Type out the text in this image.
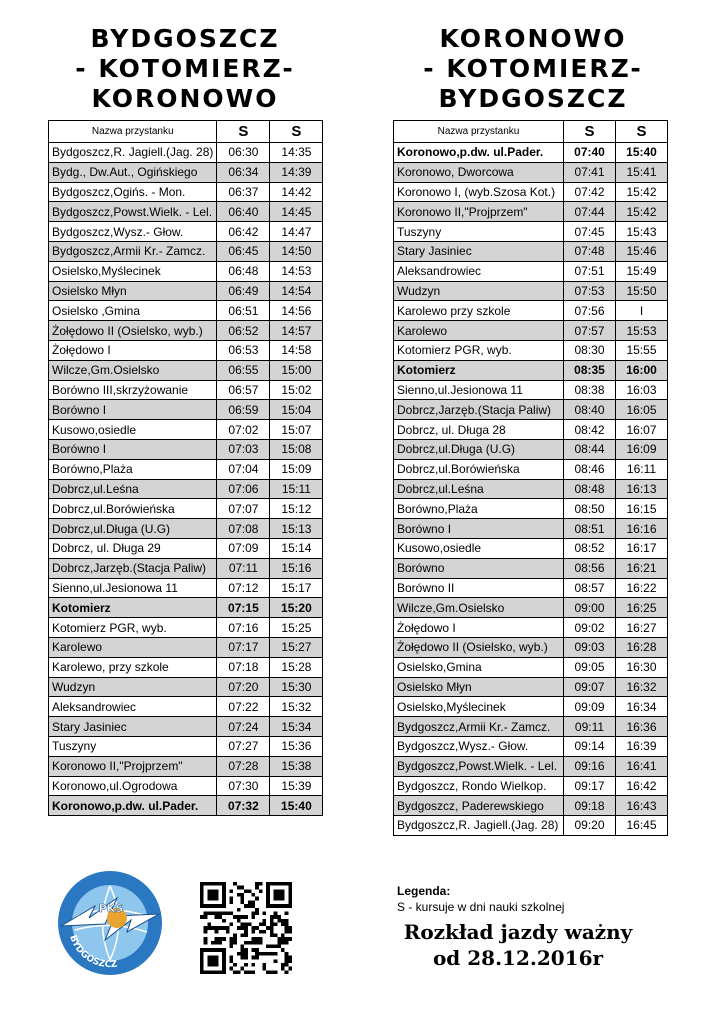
BYDGOSZCZ
- KOTOMIERZ-
KORONOWO
KORONOWO
- KOTOMIERZ-
BYDGOSZCZ
Nazwa przystanku	S	S
Bydgoszcz,R. Jagiell.(Jag. 28)	06:30	14:35
Bydg., Dw.Aut., Ogińskiego	06:34	14:39
Bydgoszcz,Ogińs. - Mon.	06:37	14:42
Bydgoszcz,Powst.Wielk. - Lel.	06:40	14:45
Bydgoszcz,Wysz.- Głow.	06:42	14:47
Bydgoszcz,Armii Kr.- Zamcz.	06:45	14:50
Osielsko,Myślecinek	06:48	14:53
Osielsko Młyn	06:49	14:54
Osielsko ,Gmina	06:51	14:56
Żołędowo II (Osielsko, wyb.)	06:52	14:57
Żołędowo I	06:53	14:58
Wilcze,Gm.Osielsko	06:55	15:00
Borówno III,skrzyżowanie	06:57	15:02
Borówno I	06:59	15:04
Kusowo,osiedle	07:02	15:07
Borówno I	07:03	15:08
Borówno,Plaża	07:04	15:09
Dobrcz,ul.Leśna	07:06	15:11
Dobrcz,ul.Borówieńska	07:07	15:12
Dobrcz,ul.Długa (U.G)	07:08	15:13
Dobrcz, ul. Długa 29	07:09	15:14
Dobrcz,Jarzęb.(Stacja Paliw)	07:11	15:16
Sienno,ul.Jesionowa 11	07:12	15:17
Kotomierz	07:15	15:20
Kotomierz PGR, wyb.	07:16	15:25
Karolewo	07:17	15:27
Karolewo, przy szkole	07:18	15:28
Wudzyn	07:20	15:30
Aleksandrowiec	07:22	15:32
Stary Jasiniec	07:24	15:34
Tuszyny	07:27	15:36
Koronowo II,"Projprzem"	07:28	15:38
Koronowo,ul.Ogrodowa	07:30	15:39
Koronowo,p.dw. ul.Pader.	07:32	15:40
Nazwa przystanku	S	S
Koronowo,p.dw. ul.Pader.	07:40	15:40
Koronowo, Dworcowa	07:41	15:41
Koronowo I, (wyb.Szosa Kot.)	07:42	15:42
Koronowo II,"Projprzem"	07:44	15:42
Tuszyny	07:45	15:43
Stary Jasiniec	07:48	15:46
Aleksandrowiec	07:51	15:49
Wudzyn	07:53	15:50
Karolewo przy szkole	07:56	I
Karolewo	07:57	15:53
Kotomierz PGR, wyb.	08:30	15:55
Kotomierz	08:35	16:00
Sienno,ul.Jesionowa 11	08:38	16:03
Dobrcz,Jarzęb.(Stacja Paliw)	08:40	16:05
Dobrcz, ul. Długa 28	08:42	16:07
Dobrcz,ul.Długa (U.G)	08:44	16:09
Dobrcz,ul.Borówieńska	08:46	16:11
Dobrcz,ul.Leśna	08:48	16:13
Borówno,Plaża	08:50	16:15
Borówno I	08:51	16:16
Kusowo,osiedle	08:52	16:17
Borówno	08:56	16:21
Borówno II	08:57	16:22
Wilcze,Gm.Osielsko	09:00	16:25
Żołędowo I	09:02	16:27
Żołędowo II (Osielsko, wyb.)	09:03	16:28
Osielsko,Gmina	09:05	16:30
Osielsko Młyn	09:07	16:32
Osielsko,Myślecinek	09:09	16:34
Bydgoszcz,Armii Kr.- Zamcz.	09:11	16:36
Bydgoszcz,Wysz.- Głow.	09:14	16:39
Bydgoszcz,Powst.Wielk. - Lel.	09:16	16:41
Bydgoszcz, Rondo Wielkop.	09:17	16:42
Bydgoszcz, Paderewskiego	09:18	16:43
Bydgoszcz,R. Jagiell.(Jag. 28)	09:20	16:45
PKS
BYDGOSZCZ
Legenda:
S - kursuje w dni nauki szkolnej
Rozkład jazdy ważny
od 28.12.2016r
